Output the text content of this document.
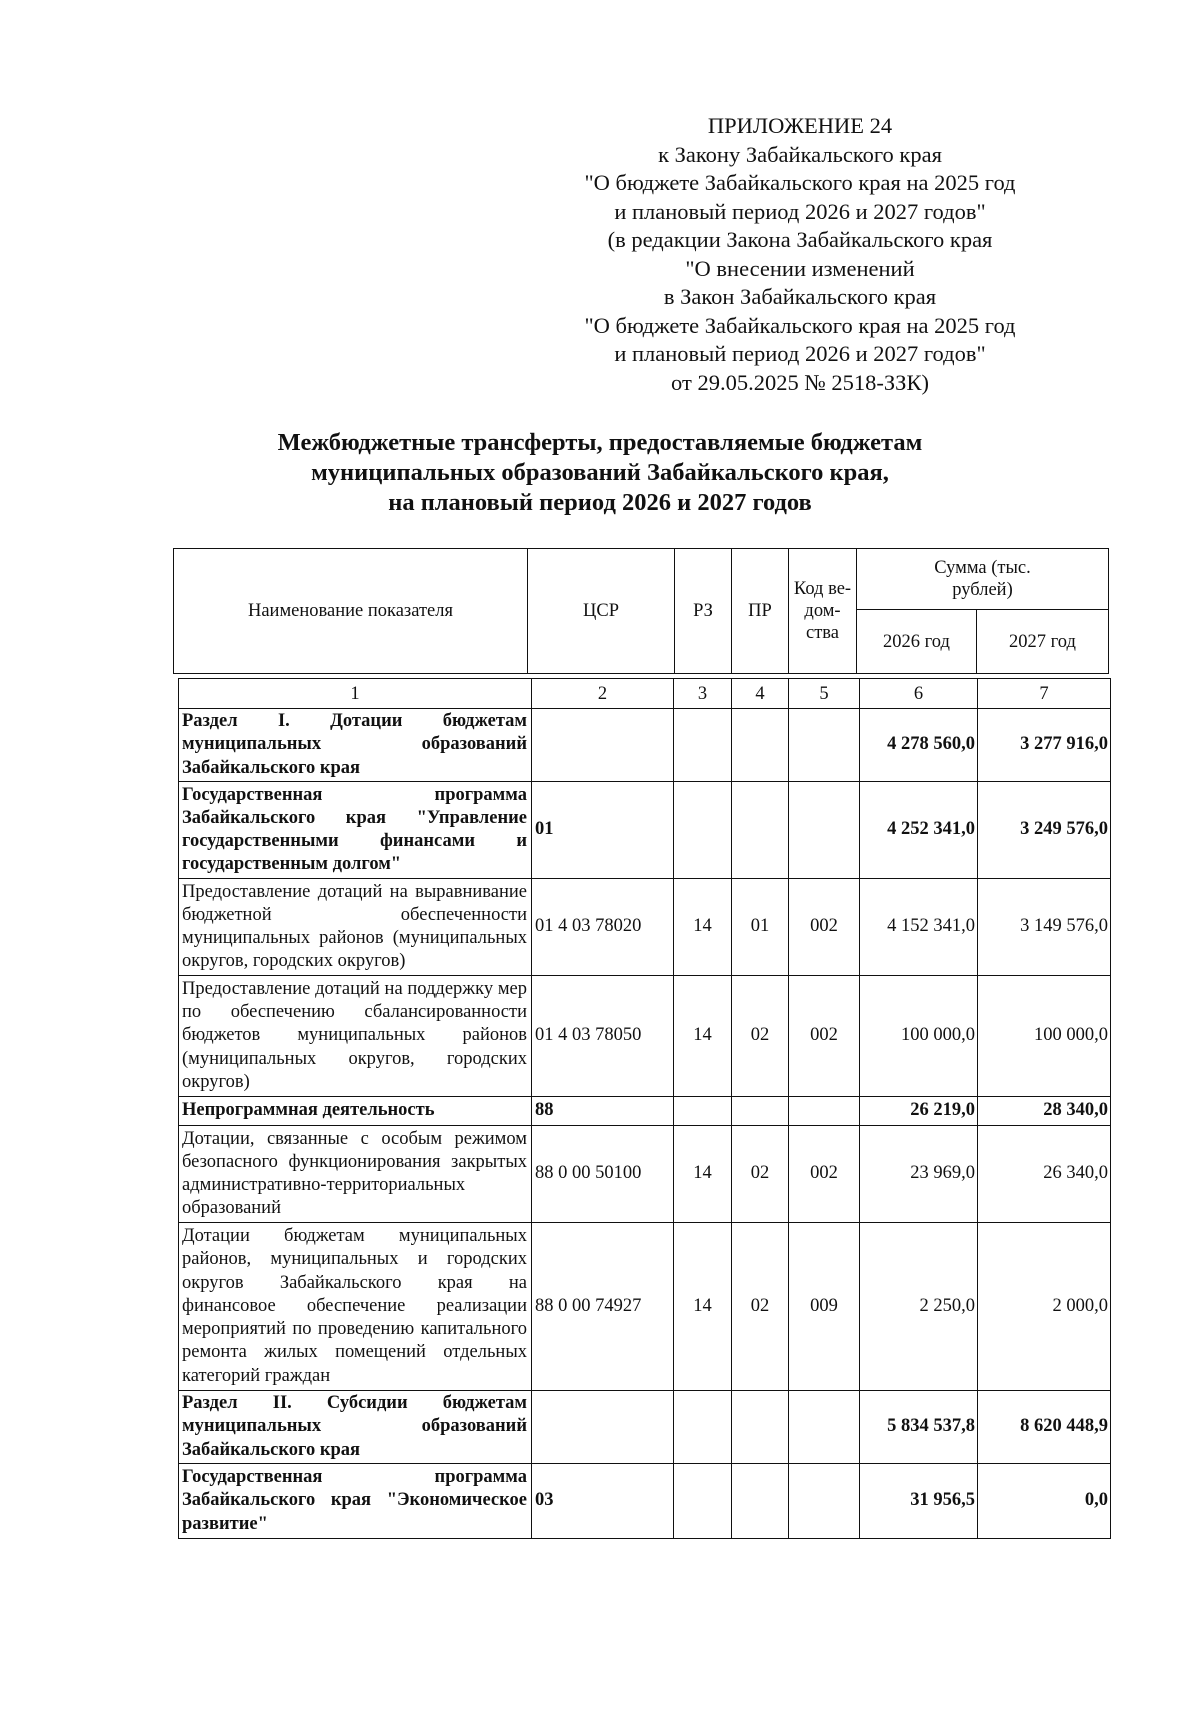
ПРИЛОЖЕНИЕ 24
к Закону Забайкальского края
"О бюджете Забайкальского края на 2025 год
и плановый период 2026 и 2027 годов"
(в редакции Закона Забайкальского края
"О внесении изменений
в Закон Забайкальского края
"О бюджете Забайкальского края на 2025 год
и плановый период 2026 и 2027 годов"
от 29.05.2025 № 2518-ЗЗК)
Межбюджетные трансферты, предоставляемые бюджетам
муниципальных образований Забайкальского края,
на плановый период 2026 и 2027 годов
Наименование показателя	ЦСР	РЗ	ПР	Код ве-дом-ства	Сумма (тыс. рублей)	
					2026 год	2027 год
1	2	3	4	5	6	7
Раздел I. Дотации бюджетам муниципальных образований Забайкальского края					4 278 560,0	3 277 916,0
Государственная программа Забайкальского края "Управление государственными финансами и государственным долгом"	01				4 252 341,0	3 249 576,0
Предоставление дотаций на выравнивание бюджетной обеспеченности муниципальных районов (муниципальных округов, городских округов)	01 4 03 78020	14	01	002	4 152 341,0	3 149 576,0
Предоставление дотаций на поддержку мер по обеспечению сбалансированности бюджетов муниципальных районов (муниципальных округов, городских округов)	01 4 03 78050	14	02	002	100 000,0	100 000,0
Непрограммная деятельность	88				26 219,0	28 340,0
Дотации, связанные с особым режимом безопасного функционирования закрытых административно-территориальных образований	88 0 00 50100	14	02	002	23 969,0	26 340,0
Дотации бюджетам муниципальных районов, муниципальных и городских округов Забайкальского края на финансовое обеспечение реализации мероприятий по проведению капитального ремонта жилых помещений отдельных категорий граждан	88 0 00 74927	14	02	009	2 250,0	2 000,0
Раздел II. Субсидии бюджетам муниципальных образований Забайкальского края					5 834 537,8	8 620 448,9
Государственная программа Забайкальского края "Экономическое развитие"	03				31 956,5	0,0
